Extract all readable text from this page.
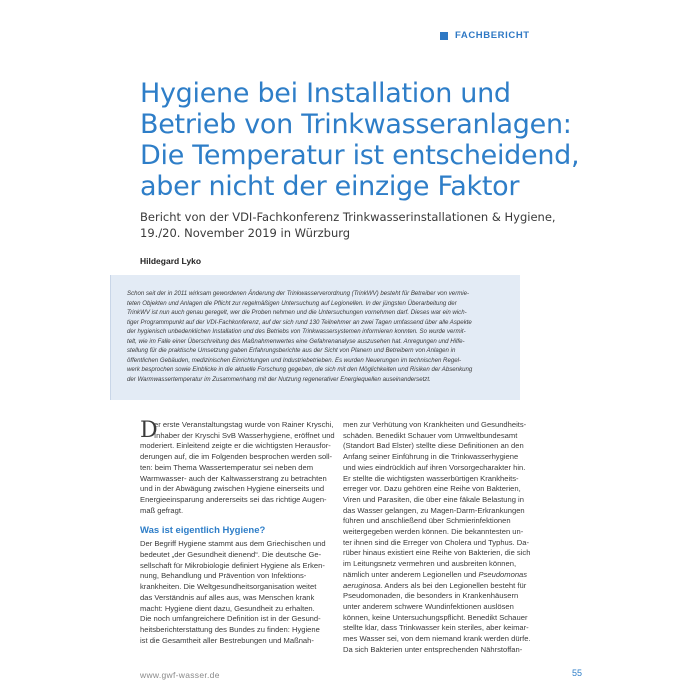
FACHBERICHT
Hygiene bei Installation und
Betrieb von Trinkwasseranlagen:
Die Temperatur ist entscheidend,
aber nicht der einzige Faktor
Bericht von der VDI-Fachkonferenz Trinkwasserinstallationen & Hygiene,
19./20. November 2019 in Würzburg
Hildegard Lyko
Schon seit der in 2011 wirksam gewordenen Änderung der Trinkwasserverordnung (TrinkWV) besteht für Betreiber von vermie-
teten Objekten und Anlagen die Pflicht zur regelmäßigen Untersuchung auf Legionellen. In der jüngsten Überarbeitung der
TrinkWV ist nun auch genau geregelt, wer die Proben nehmen und die Untersuchungen vornehmen darf. Dieses war ein wich-
tiger Programmpunkt auf der VDI-Fachkonferenz, auf der sich rund 130 Teilnehmer an zwei Tagen umfassend über alle Aspekte
der hygienisch unbedenklichen Installation und des Betriebs von Trinkwassersystemen informieren konnten. So wurde vermit-
telt, wie im Falle einer Überschreitung des Maßnahmenwertes eine Gefahrenanalyse auszusehen hat. Anregungen und Hilfe-
stellung für die praktische Umsetzung gaben Erfahrungsberichte aus der Sicht von Planern und Betreibern von Anlagen in
öffentlichen Gebäuden, medizinischen Einrichtungen und Industriebetrieben. Es wurden Neuerungen im technischen Regel-
werk besprochen sowie Einblicke in die aktuelle Forschung gegeben, die sich mit den Möglichkeiten und Risiken der Absenkung
der Warmwassertemperatur im Zusammenhang mit der Nutzung regenerativer Energiequellen auseinandersetzt.
D
er erste Veranstaltungstag wurde von Rainer Kryschi,
Inhaber der Kryschi SvB Wasserhygiene, eröffnet und
moderiert. Einleitend zeigte er die wichtigsten Herausfor-
derungen auf, die im Folgenden besprochen werden soll-
ten: beim Thema Wassertemperatur sei neben dem
Warmwasser- auch der Kaltwasserstrang zu betrachten
und in der Abwägung zwischen Hygiene einerseits und
Energieeinsparung andererseits sei das richtige Augen-
maß gefragt.
Was ist eigentlich Hygiene?
Der Begriff Hygiene stammt aus dem Griechischen und
bedeutet „der Gesundheit dienend“. Die deutsche Ge-
sellschaft für Mikrobiologie definiert Hygiene als Erken-
nung, Behandlung und Prävention von Infektions-
krankheiten. Die Weltgesundheitsorganisation weitet
das Verständnis auf alles aus, was Menschen krank
macht: Hygiene dient dazu, Gesundheit zu erhalten.
Die noch umfangreichere Definition ist in der Gesund-
heitsberichterstattung des Bundes zu finden: Hygiene
ist die Gesamtheit aller Bestrebungen und Maßnah-
men zur Verhütung von Krankheiten und Gesundheits-
schäden. Benedikt Schauer vom Umweltbundesamt
(Standort Bad Elster) stellte diese Definitionen an den
Anfang seiner Einführung in die Trinkwasserhygiene
und wies eindrücklich auf ihren Vorsorgecharakter hin.
Er stellte die wichtigsten wasserbürtigen Krankheits-
erreger vor. Dazu gehören eine Reihe von Bakterien,
Viren und Parasiten, die über eine fäkale Belastung in
das Wasser gelangen, zu Magen-Darm-Erkrankungen
führen und anschließend über Schmierinfektionen
weitergegeben werden können. Die bekanntesten un-
ter ihnen sind die Erreger von Cholera und Typhus. Da-
rüber hinaus existiert eine Reihe von Bakterien, die sich
im Leitungsnetz vermehren und ausbreiten können,
nämlich unter anderem Legionellen und Pseudomonas
aeruginosa. Anders als bei den Legionellen besteht für
Pseudomonaden, die besonders in Krankenhäusern
unter anderem schwere Wundinfektionen auslösen
können, keine Untersuchungspflicht. Benedikt Schauer
stellte klar, dass Trinkwasser kein steriles, aber keimar-
mes Wasser sei, von dem niemand krank werden dürfe.
Da sich Bakterien unter entsprechenden Nährstoffan-
www.gwf-wasser.de	55
